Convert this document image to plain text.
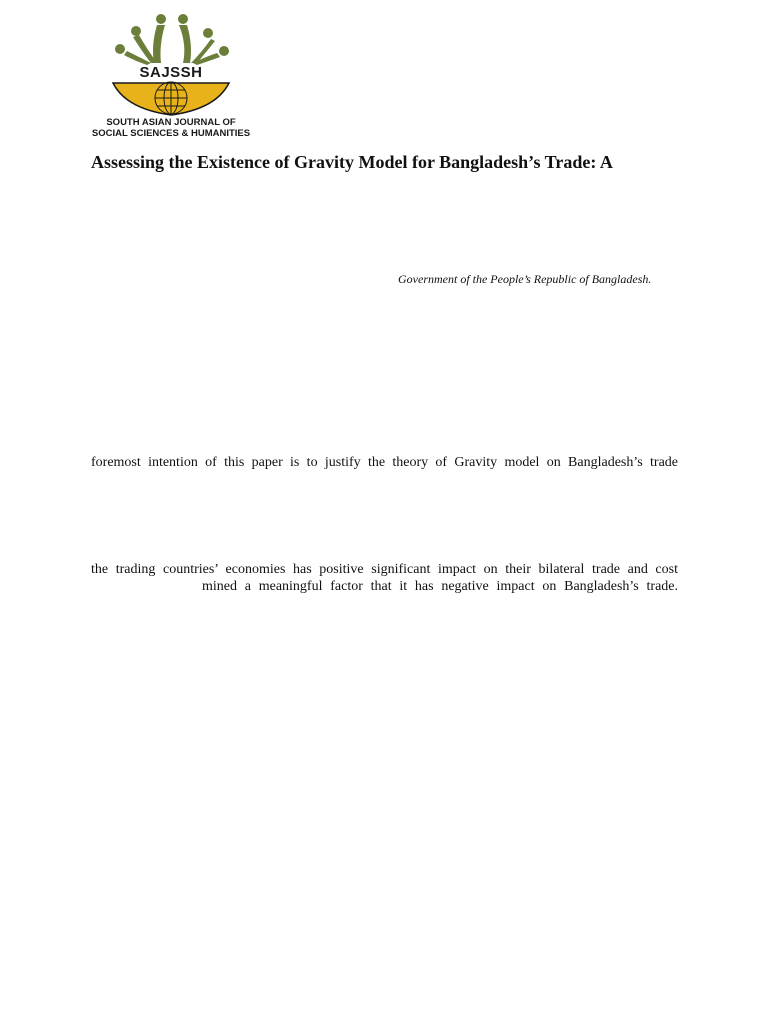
SAJSSH
SOUTH ASIAN JOURNAL OF
SOCIAL SCIENCES & HUMANITIES
Assessing the Existence of Gravity Model for Bangladesh’s Trade: A
Government of the People’s Republic of Bangladesh.
foremost intention of this paper is to justify the theory of Gravity model on Bangladesh’s trade
the trading countries’ economies has positive significant impact on their bilateral trade and cost
mined a meaningful factor that it has negative impact on Bangladesh’s trade.
